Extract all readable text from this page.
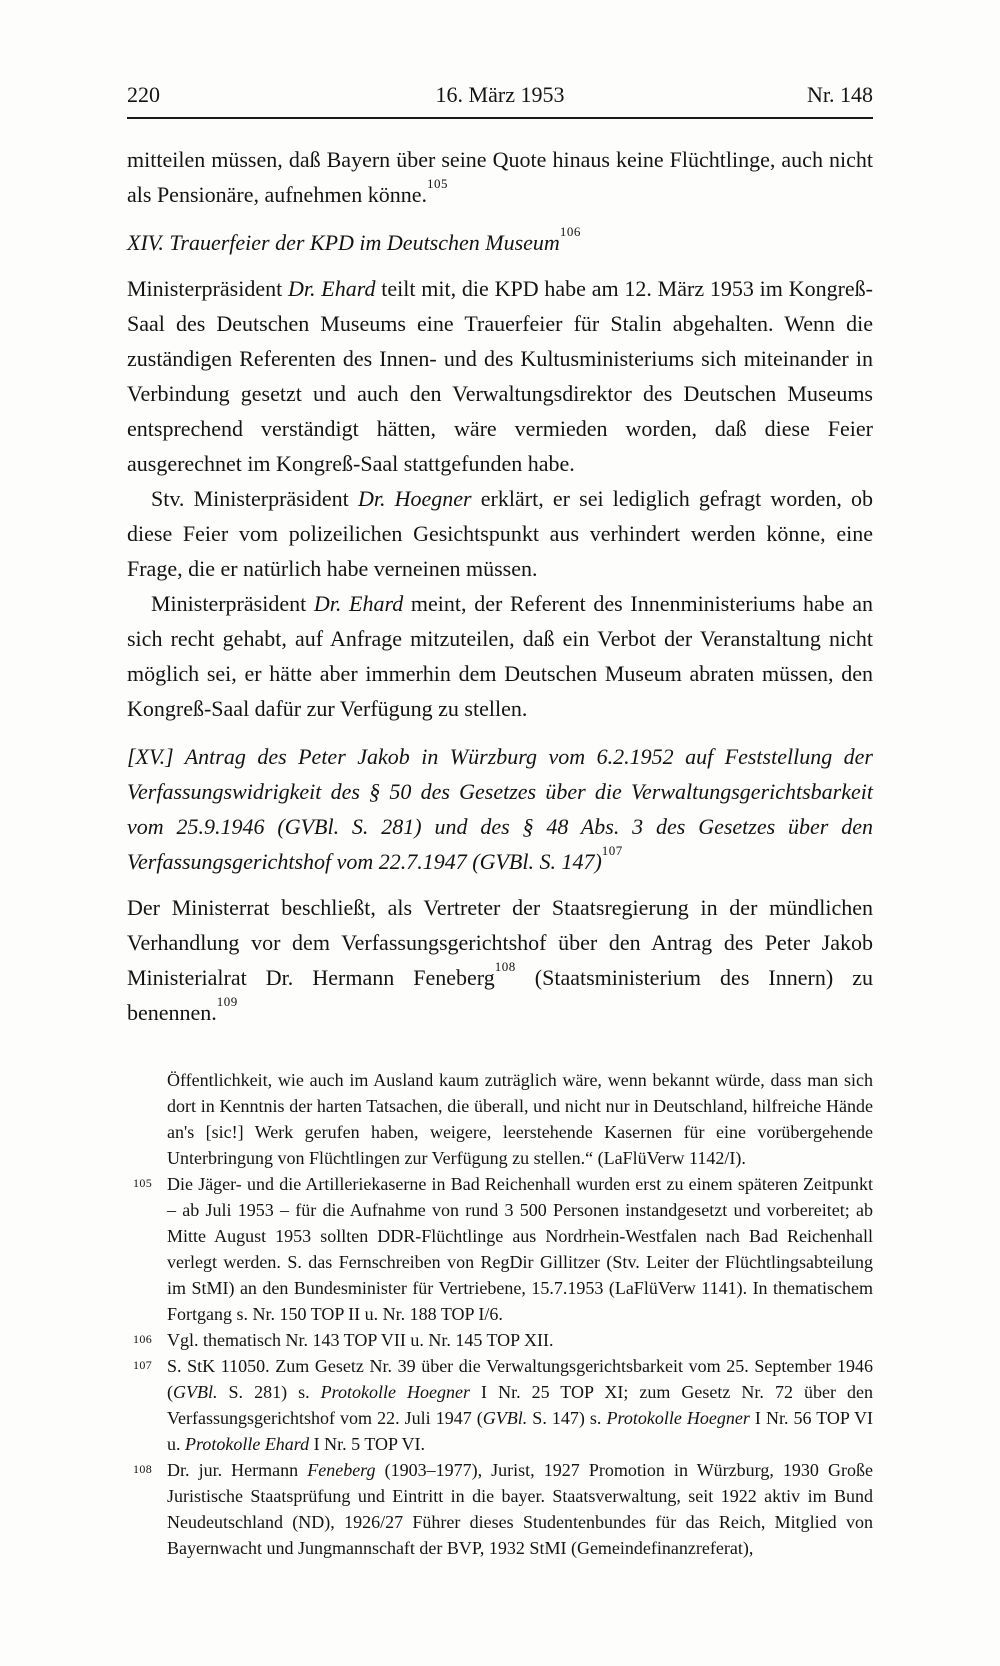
220	16. März 1953	Nr. 148

mitteilen müssen, daß Bayern über seine Quote hinaus keine Flüchtlinge, auch nicht als Pensionäre, aufnehmen könne.$^{105}$

XIV. Trauerfeier der KPD im Deutschen Museum$^{106}$

Ministerpräsident Dr. Ehard teilt mit, die KPD habe am 12. März 1953 im Kongreß-Saal des Deutschen Museums eine Trauerfeier für Stalin abgehalten. Wenn die zuständigen Referenten des Innen- und des Kultusministeriums sich miteinander in Verbindung gesetzt und auch den Verwaltungsdirektor des Deutschen Museums entsprechend verständigt hätten, wäre vermieden worden, daß diese Feier ausgerechnet im Kongreß-Saal stattgefunden habe.

Stv. Ministerpräsident Dr. Hoegner erklärt, er sei lediglich gefragt worden, ob diese Feier vom polizeilichen Gesichtspunkt aus verhindert werden könne, eine Frage, die er natürlich habe verneinen müssen.

Ministerpräsident Dr. Ehard meint, der Referent des Innenministeriums habe an sich recht gehabt, auf Anfrage mitzuteilen, daß ein Verbot der Veranstaltung nicht möglich sei, er hätte aber immerhin dem Deutschen Museum abraten müssen, den Kongreß-Saal dafür zur Verfügung zu stellen.

[XV.] Antrag des Peter Jakob in Würzburg vom 6.2.1952 auf Feststellung der Verfassungswidrigkeit des § 50 des Gesetzes über die Verwaltungsgerichtsbarkeit vom 25.9.1946 (GVBl. S. 281) und des § 48 Abs. 3 des Gesetzes über den Verfassungsgerichtshof vom 22.7.1947 (GVBl. S. 147)$^{107}$

Der Ministerrat beschließt, als Vertreter der Staatsregierung in der mündlichen Verhandlung vor dem Verfassungsgerichtshof über den Antrag des Peter Jakob Ministerialrat Dr. Hermann Feneberg$^{108}$ (Staatsministerium des Innern) zu benennen.$^{109}$

Öffentlichkeit, wie auch im Ausland kaum zuträglich wäre, wenn bekannt würde, dass man sich dort in Kenntnis der harten Tatsachen, die überall, und nicht nur in Deutschland, hilfreiche Hände an's [sic!] Werk gerufen haben, weigere, leerstehende Kasernen für eine vorübergehende Unterbringung von Flüchtlingen zur Verfügung zu stellen.“ (LaFlüVerw 1142/I).
105 Die Jäger- und die Artilleriekaserne in Bad Reichenhall wurden erst zu einem späteren Zeitpunkt – ab Juli 1953 – für die Aufnahme von rund 3 500 Personen instandgesetzt und vorbereitet; ab Mitte August 1953 sollten DDR-Flüchtlinge aus Nordrhein-Westfalen nach Bad Reichenhall verlegt werden. S. das Fernschreiben von RegDir Gillitzer (Stv. Leiter der Flüchtlingsabteilung im StMI) an den Bundesminister für Vertriebene, 15.7.1953 (LaFlüVerw 1141). In thematischem Fortgang s. Nr. 150 TOP II u. Nr. 188 TOP I/6.
106 Vgl. thematisch Nr. 143 TOP VII u. Nr. 145 TOP XII.
107 S. StK 11050. Zum Gesetz Nr. 39 über die Verwaltungsgerichtsbarkeit vom 25. September 1946 (GVBl. S. 281) s. Protokolle Hoegner I Nr. 25 TOP XI; zum Gesetz Nr. 72 über den Verfassungsgerichtshof vom 22. Juli 1947 (GVBl. S. 147) s. Protokolle Hoegner I Nr. 56 TOP VI u. Protokolle Ehard I Nr. 5 TOP VI.
108 Dr. jur. Hermann Feneberg (1903–1977), Jurist, 1927 Promotion in Würzburg, 1930 Große Juristische Staatsprüfung und Eintritt in die bayer. Staatsverwaltung, seit 1922 aktiv im Bund Neudeutschland (ND), 1926/27 Führer dieses Studentenbundes für das Reich, Mitglied von Bayernwacht und Jungmannschaft der BVP, 1932 StMI (Gemeindefinanzreferat),
